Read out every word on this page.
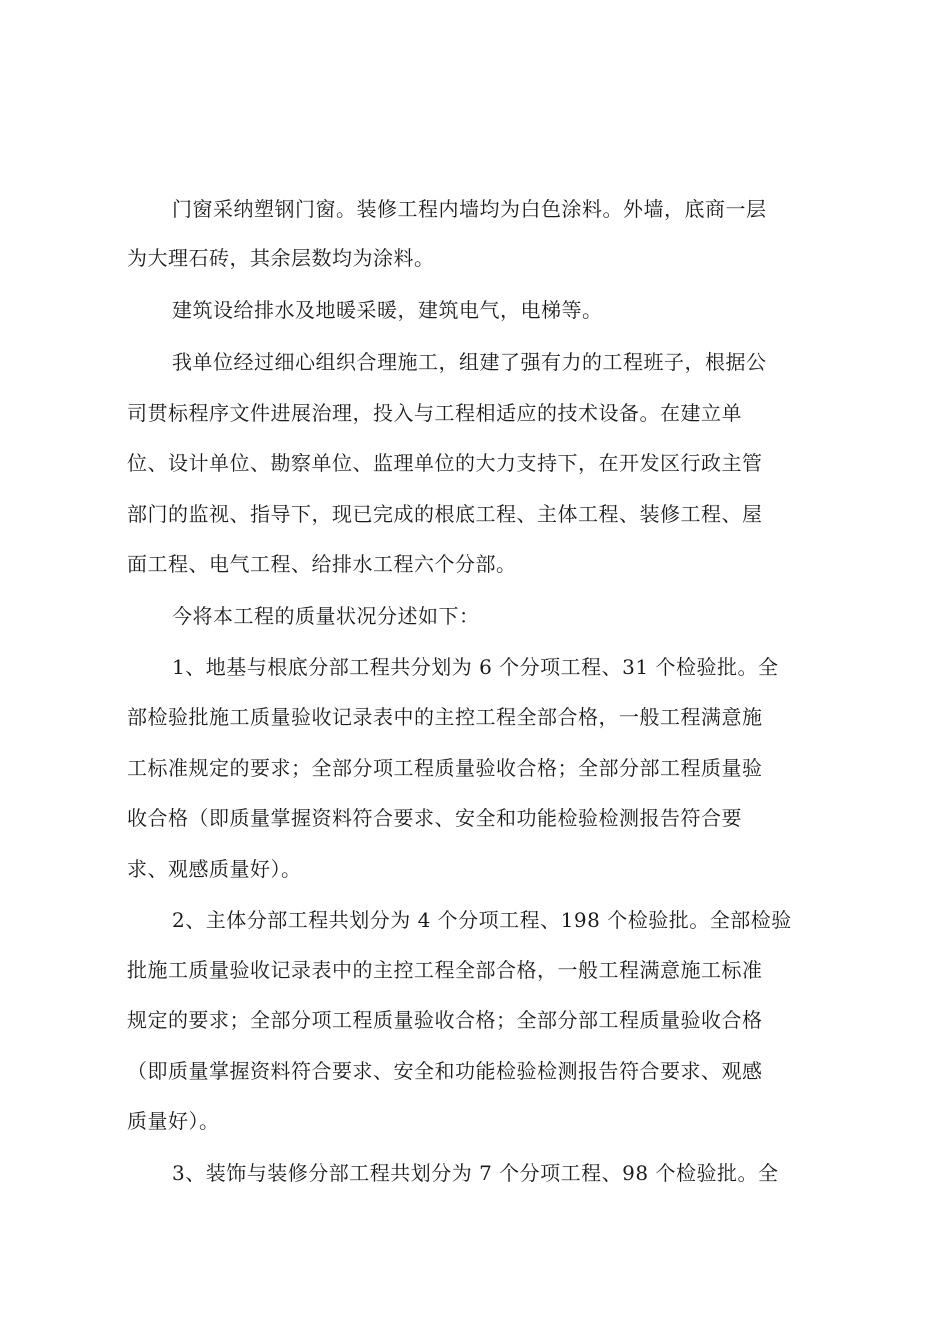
门窗采纳塑钢门窗。装修工程内墙均为白色涂料。外墙，底商一层

为大理石砖，其余层数均为涂料。

建筑设给排水及地暖采暖，建筑电气，电梯等。

我单位经过细心组织合理施工，组建了强有力的工程班子，根据公

司贯标程序文件进展治理，投入与工程相适应的技术设备。在建立单

位、设计单位、勘察单位、监理单位的大力支持下，在开发区行政主管

部门的监视、指导下，现已完成的根底工程、主体工程、装修工程、屋

面工程、电气工程、给排水工程六个分部。

今将本工程的质量状况分述如下：

1、地基与根底分部工程共分划为 6 个分项工程、31 个检验批。全

部检验批施工质量验收记录表中的主控工程全部合格，一般工程满意施

工标准规定的要求；全部分项工程质量验收合格；全部分部工程质量验

收合格（即质量掌握资料符合要求、安全和功能检验检测报告符合要

求、观感质量好）。

2、主体分部工程共划分为 4 个分项工程、198 个检验批。全部检验

批施工质量验收记录表中的主控工程全部合格，一般工程满意施工标准

规定的要求；全部分项工程质量验收合格；全部分部工程质量验收合格

（即质量掌握资料符合要求、安全和功能检验检测报告符合要求、观感

质量好）。

3、装饰与装修分部工程共划分为 7 个分项工程、98 个检验批。全
